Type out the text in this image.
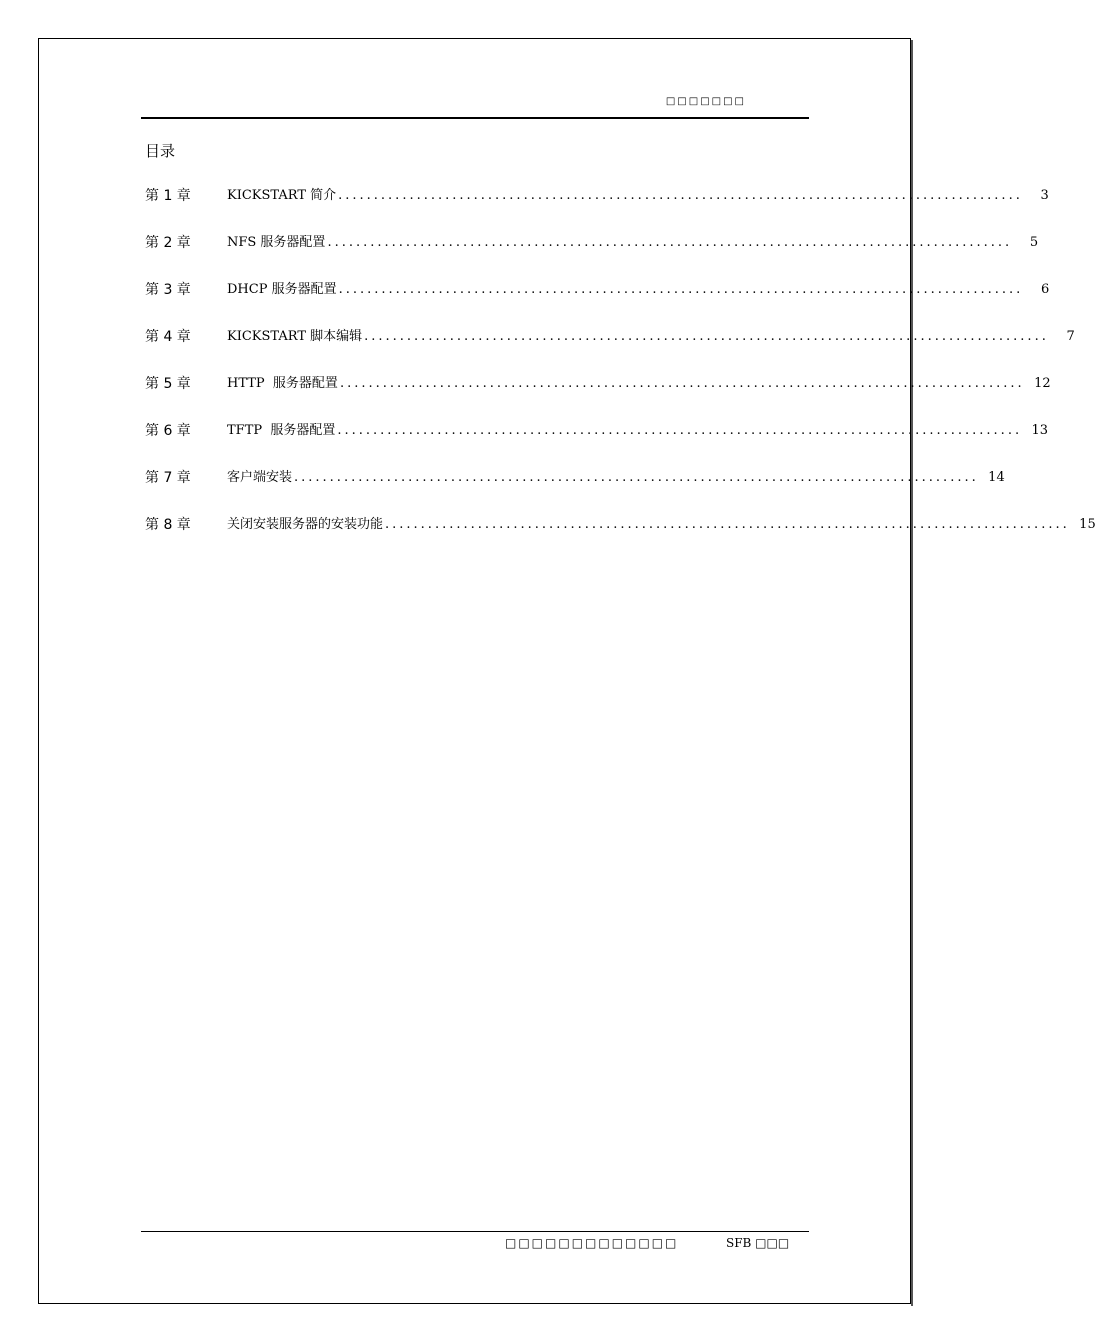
□□□□□□□
目录
第 1 章	KICKSTART 简介 ................................................................................................	3
第 2 章	NFS 服务器配置 ................................................................................................	5
第 3 章	DHCP 服务器配置 ................................................................................................	6
第 4 章	KICKSTART 脚本编辑 ................................................................................................	7
第 5 章	HTTP  服务器配置 ................................................................................................ 12
第 6 章	TFTP  服务器配置 ................................................................................................ 13
第 7 章	客户端安装 ................................................................................................ 14
第 8 章	关闭安装服务器的安装功能 ................................................................................................ 15
□□□□□□□□□□□□□	SFB □□□
